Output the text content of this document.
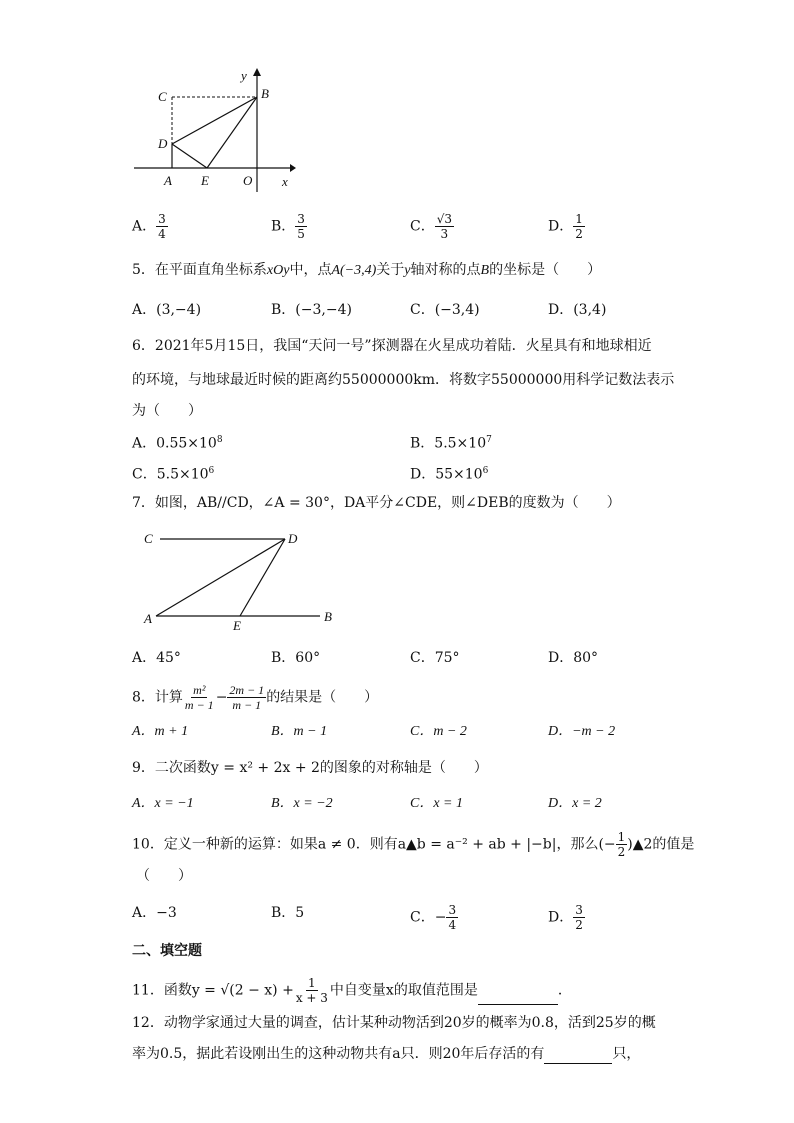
C	B
D
A E	O x
y
A． $\frac{3}{4}$	B． $\frac{3}{5}$	C． $\frac{√3}{3}$	D． $\frac{1}{2}$
5．在平面直角坐标系xOy中，点A(−3,4)关于y轴对称的点B的坐标是（　　）
A．(3,−4)	B．(−3,−4)	C．(−3,4)	D．(3,4)
6．2021年5月15日，我国“天问一号”探测器在火星成功着陆．火星具有和地球相近
的环境，与地球最近时候的距离约55000000km．将数字55000000用科学记数法表示
为（　　）
A．$0.55\times 10^8$	B．$5.5\times 10^7$
C．$5.5\times 10^6$	D．$55\times 10^6$
7．如图，AB//CD，∠A = 30°，DA平分∠CDE，则∠DEB的度数为（　　）
C	D
A	E
B
A．45°	B．60°	C．75°	D．80°
8．计算 $\frac{\text{m²}}{m - 1} - \frac{2m - 1}{m - 1}$ 的结果是（　　）
A．m + 1	B．m − 1	C．m − 2	D．−m − 2
9．二次函数y = x² + 2x + 2的图象的对称轴是（　　）
A．x = −1	B．x = −2	C．x = 1	D．x = 2
10．定义一种新的运算：如果a ≠ 0．则有a▲b = a⁻² + ab + |−b|，那么(− $\frac{1}{2}$ )▲2的值是
（　　）
A．−3	B．5	C．− $\frac{3}{4}$	D． $\frac{3}{2}$
二、填空题
11．函数$y = √(2 - x) + \frac{1}{x + 3}$ 中自变量x的取值范围是	．
12．动物学家通过大量的调查，估计某种动物活到20岁的概率为0.8，活到25岁的概
率为0.5，据此若设刚出生的这种动物共有a只．则20年后存活的有	只，
